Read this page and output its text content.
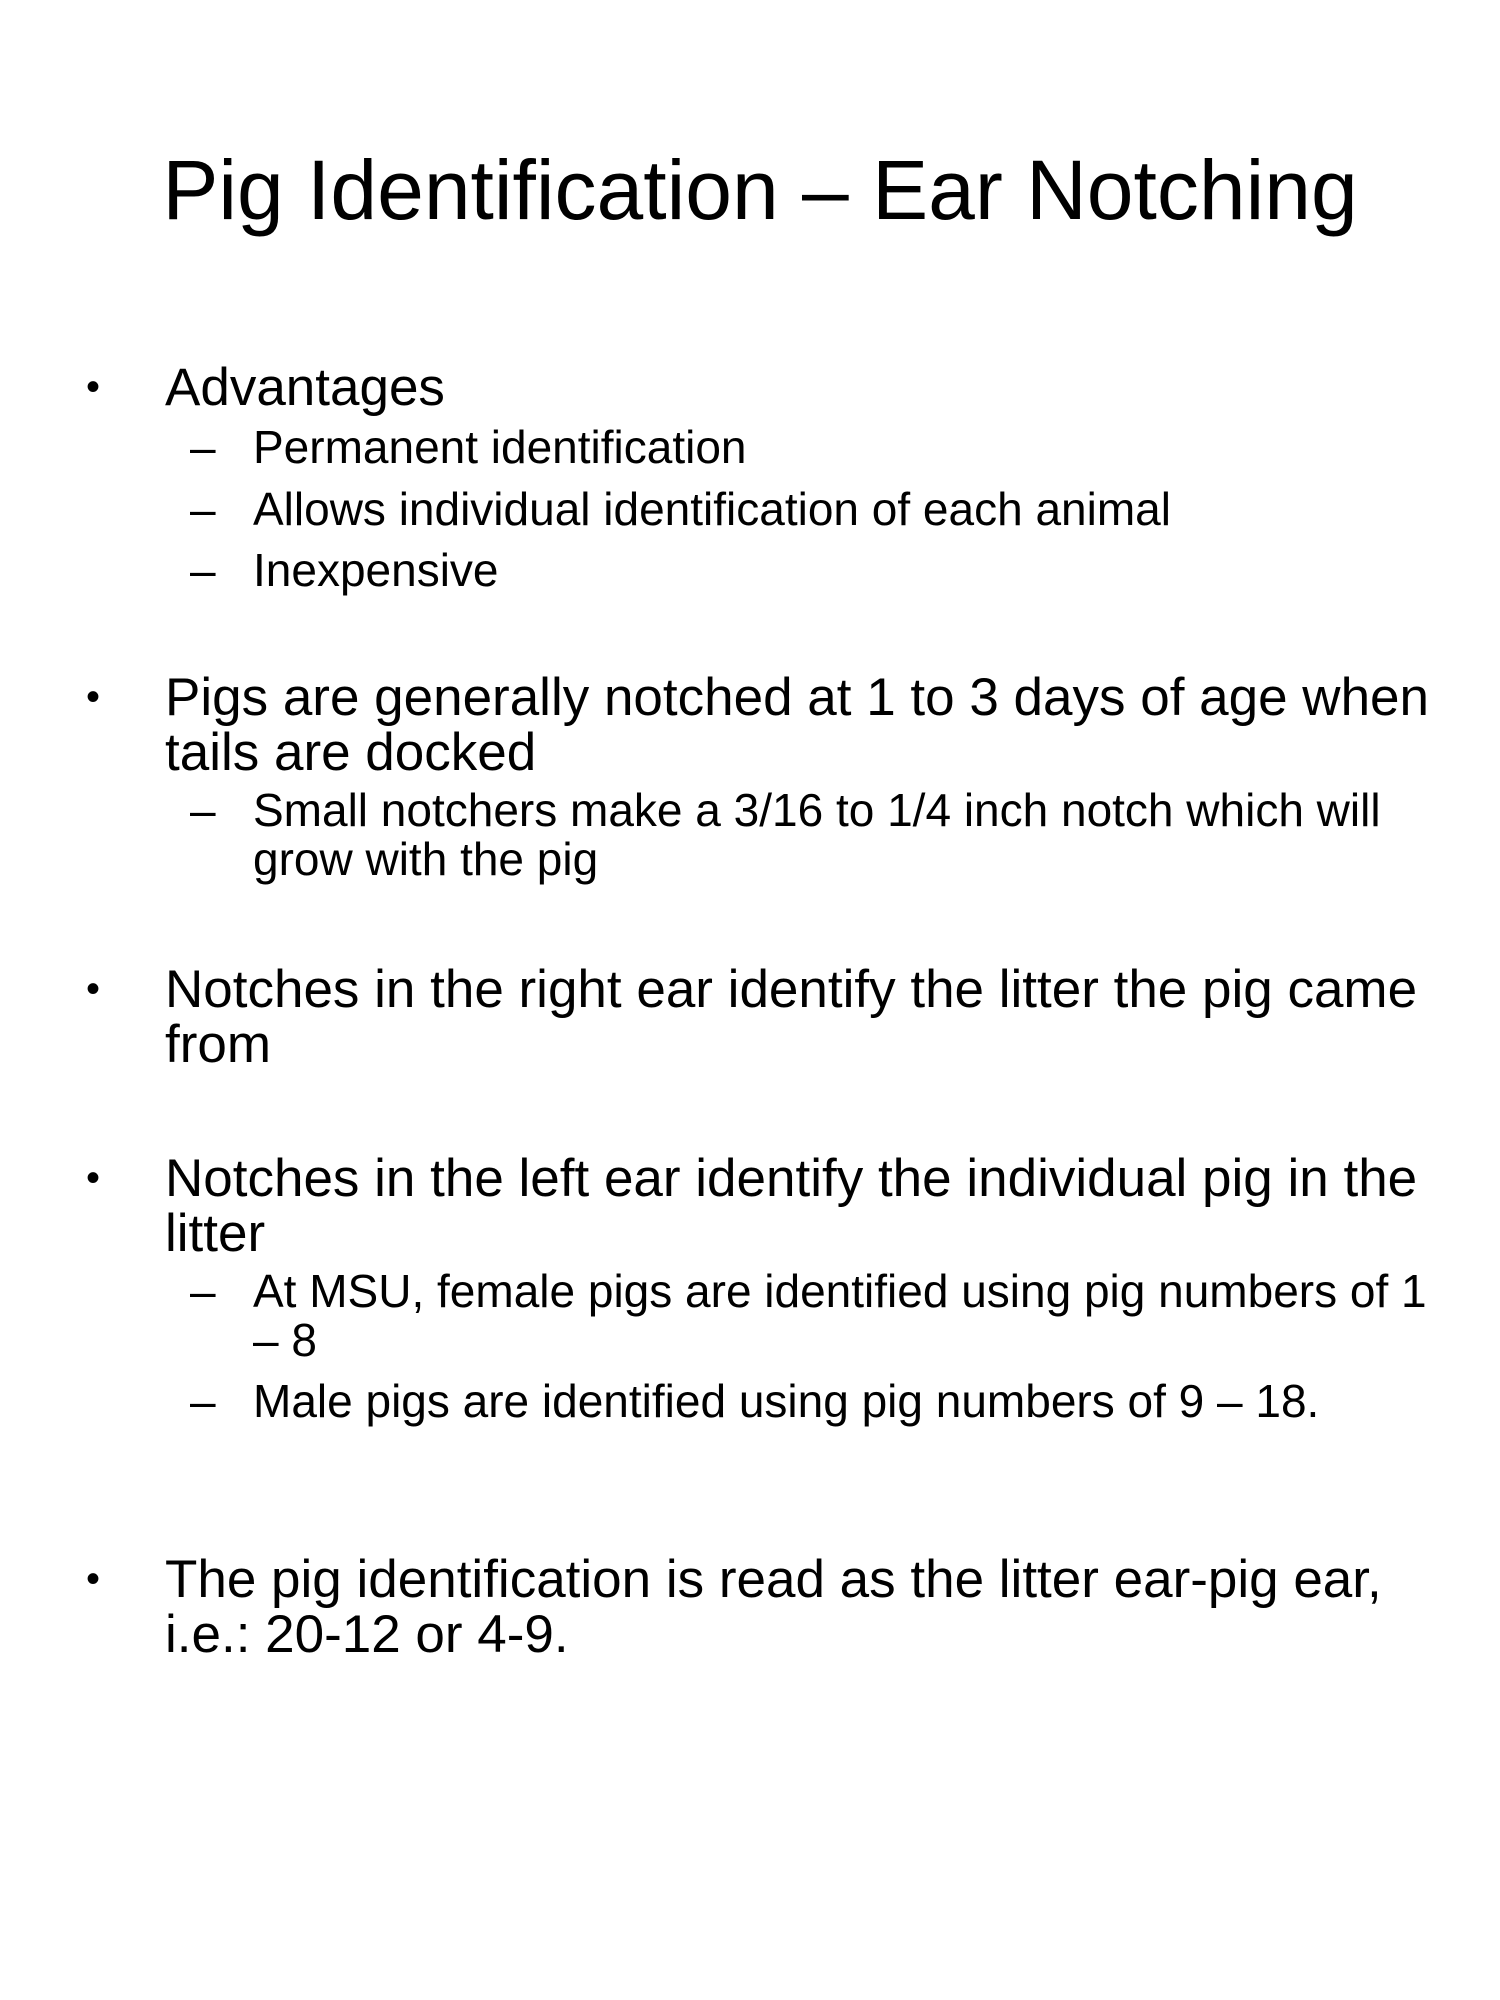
Pig Identification – Ear Notching
• Advantages
– Permanent identification
– Allows individual identification of each animal
– Inexpensive
• Pigs are generally notched at 1 to 3 days of age when tails are docked
– Small notchers make a 3/16 to 1/4 inch notch which will grow with the pig
• Notches in the right ear identify the litter the pig came from
• Notches in the left ear identify the individual pig in the litter
– At MSU, female pigs are identified using pig numbers of 1 – 8
– Male pigs are identified using pig numbers of 9 – 18.
• The pig identification is read as the litter ear-pig ear, i.e.: 20-12 or 4-9.
